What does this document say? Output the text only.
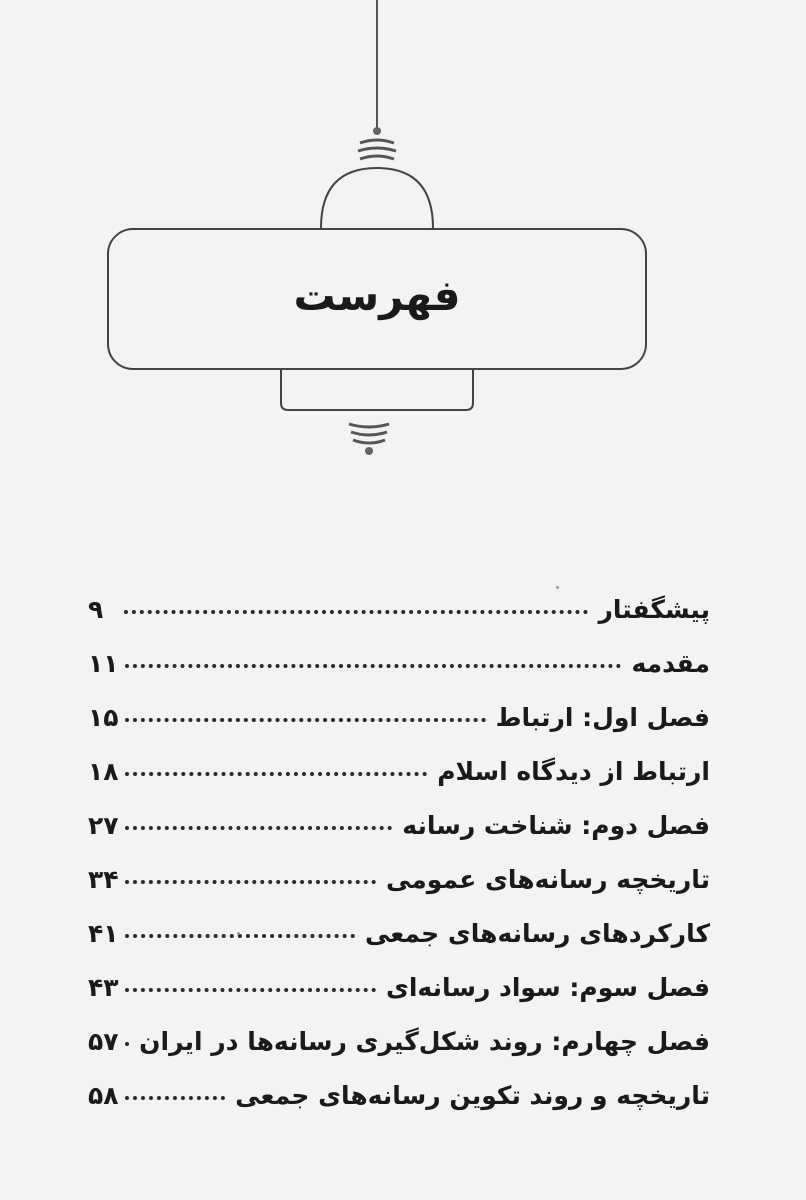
فهرست
پیشگفتار
۹
مقدمه
۱۱
فصل اول: ارتباط
۱۵
ارتباط از دیدگاه اسلام
۱۸
فصل دوم: شناخت رسانه
۲۷
تاریخچه رسانه‌های عمومی
۳۴
کارکردهای رسانه‌های جمعی
۴۱
فصل سوم: سواد رسانه‌ای
۴۳
فصل چهارم: روند شکل‌گیری رسانه‌ها در ایران
۵۷
تاریخچه و روند تکوین رسانه‌های جمعی
۵۸
